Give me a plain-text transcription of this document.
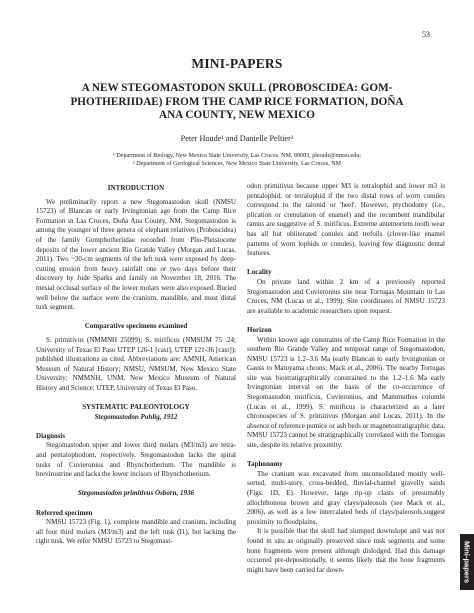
53
MINI-PAPERS
A NEW STEGOMASTODON SKULL (PROBOSCIDEA: GOM-
PHOTHERIIDAE) FROM THE CAMP RICE FORMATION, DOÑA
ANA COUNTY, NEW MEXICO
Peter Houde¹ and Danielle Peltier²
¹ Department of Biology, New Mexico State University, Las Cruces, NM, 88003, phoude@nmsu.edu;
² Department of Geological Sciences, New Mexico State University, Las Cruces, NM
INTRODUCTION

We preliminarily report a new Stegomastodon skull (NMSU 15723) of Blancan or early Irvingtonian age from the Camp Rice Formation in Las Cruces, Doña Ana County, NM. Stegomastodon is among the younger of three genera of elephant relatives (Proboscidea) of the family Gomphotheriidae recorded from Plio-Pleistocene deposits of the lower ancient Rio Grande Valley (Morgan and Lucas, 2011). Two ~30-cm segments of the left tusk were exposed by deep-cutting erosion from heavy rainfall one or two days before their discovery by Jude Sparks and family on November 18, 2016. The mesial occlusal surface of the lower molars were also exposed. Buried well below the surface were the cranium, mandible, and most distal tusk segment.

Comparative specimens examined

S. primitivus (NMMNH 25099); S. mirificus (NMSUM 75 .24; University of Texas El Paso UTEP 126-1 [cast], UTEP 121-36 [cast]); published illustrations as cited. Abbreviations are: AMNH, American Museum of Natural History; NMSU, NMSUM, New Mexico State University; NMMNH, UNM, New Mexico Museum of Natural History and Science; UTEP, University of Texas El Paso.

SYSTEMATIC PALEONTOLOGY
Stegomastodon Pohlig, 1912
Diagnosis

Stegomastodon upper and lower third molars (M3/m3) are tetra- and pentalophodont, respectively. Stegomastodon lacks the spiral tusks of Cuvieronius and Rhynchotherium. The mandible is brevirostrine and lacks the lower incisors of Rhynchotherium.

Stegomastodon primitivus Osborn, 1936
Referred specimen

NMSU 15723 (Fig. 1), complete mandible and cranium, including all four third molars (M3/m3) and the left tusk (I1), but lacking the right tusk. We refer NMSU 15723 to Stegomast-

odon primitivus because upper M3 is tetralophid and lower m3 is pentalophid, or tetralophid if the two distal rows of worn conules correspond to the talonid or 'heel'. However, ptychodonty (i.e., plication or crenulation of enamel) and the recumbent mandibular ramus are suggestive of S. mirificus. Extreme antemortem tooth wear has all but obliterated conules and trefoils (clover-like enamel patterns of worn lophids or conules), leaving few diagnostic dental features.

Locality

On private land within 2 km of a previously reported Stegomastodon and Cuvieronius site near Tortugas Mountain in Las Cruces, NM (Lucas et al., 1999). Site coordinates of NMSU 15723 are available to academic researchers upon request.

Horizon

Within known age constraints of the Camp Rice Formation in the southern Rio Grande Valley and temporal range of Stegomastodon, NMSU 15723 is 1.2–3.6 Ma (early Blancan to early Irvingtonian or Gauss to Matuyama chrons; Mack et al., 2006). The nearby Tortugas site was biostratigraphically constrained to the 1.2–1.6 Ma early Irvingtonian interval on the basis of the co-occurrence of Stegomastodon mirificus, Cuvieronius, and Mammuthus columbi (Lucas et al., 1999). S. mirificus is characterized as a later chronospecies of S. primitivus (Morgan and Lucas, 2011). In the absence of reference pumice or ash beds or magnetostratigraphic data, NMSU 15723 cannot be stratigraphically correlated with the Tortugas site, despite its relative proximity.

Taphonomy

The cranium was excavated from unconsolidated mostly well-sorted, multi-story, cross-bedded, fluvial-channel gravelly sands (Figs. 1D, E). However, large rip-up clasts of presumably allochthonous brown and gray clays/paleosols (see Mack et al., 2006), as well as a few intercalated beds of clays/paleosols,suggest proximity to floodplains.

It is possible that the skull had slumped downslope and was not found in situ as originally preserved since tusk segments and some bone fragments were present although dislodged. Had this damage occurred pre-depositionally, it seems likely that the bone fragments might have been carried far down-	Mini-papers
